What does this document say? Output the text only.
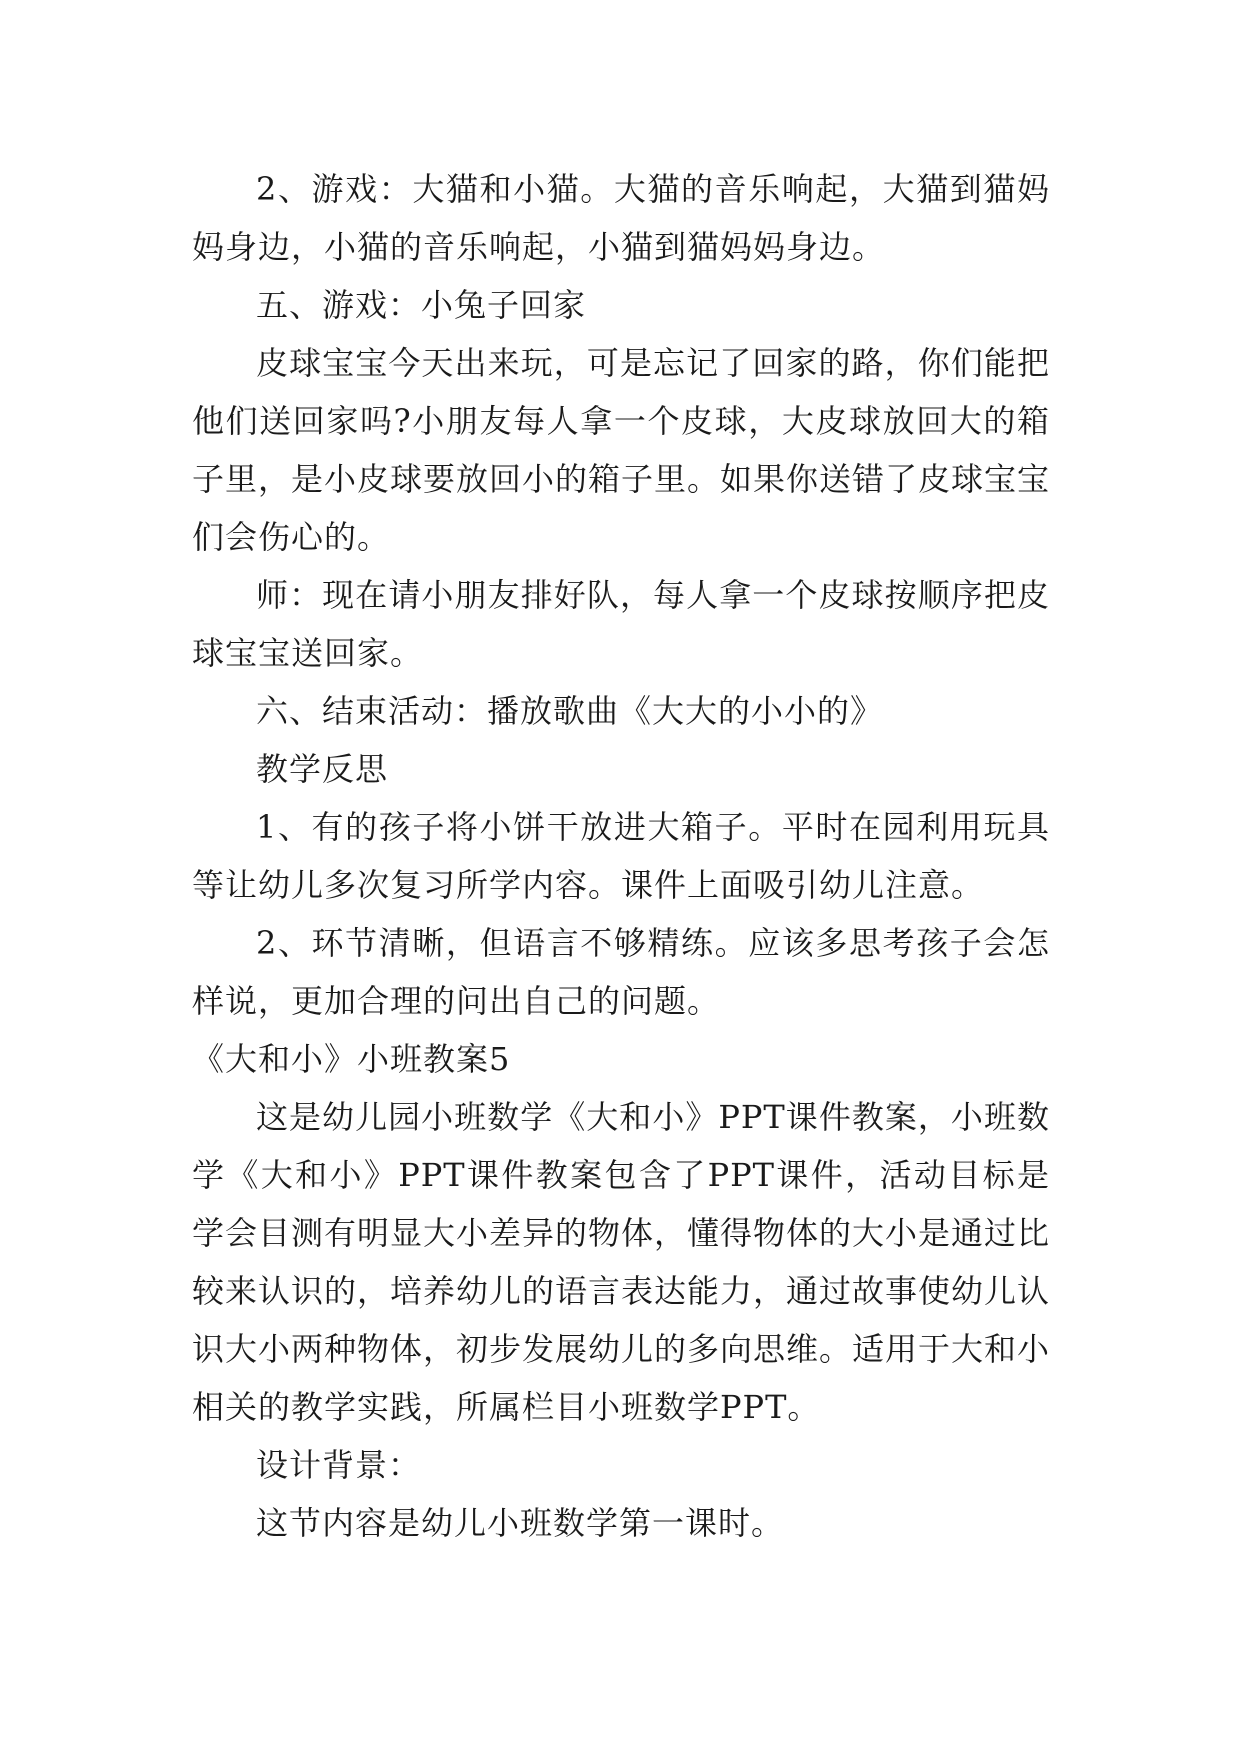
2、游戏：大猫和小猫。大猫的音乐响起，大猫到猫妈妈身边，小猫的音乐响起，小猫到猫妈妈身边。

五、游戏：小兔子回家

皮球宝宝今天出来玩，可是忘记了回家的路，你们能把他们送回家吗?小朋友每人拿一个皮球，大皮球放回大的箱子里，是小皮球要放回小的箱子里。如果你送错了皮球宝宝们会伤心的。

师：现在请小朋友排好队，每人拿一个皮球按顺序把皮球宝宝送回家。

六、结束活动：播放歌曲《大大的小小的》

教学反思

1、有的孩子将小饼干放进大箱子。平时在园利用玩具等让幼儿多次复习所学内容。课件上面吸引幼儿注意。

2、环节清晰，但语言不够精练。应该多思考孩子会怎样说，更加合理的问出自己的问题。

《大和小》小班教案5

这是幼儿园小班数学《大和小》PPT课件教案，小班数学《大和小》PPT课件教案包含了PPT课件，活动目标是学会目测有明显大小差异的物体，懂得物体的大小是通过比较来认识的，培养幼儿的语言表达能力，通过故事使幼儿认识大小两种物体，初步发展幼儿的多向思维。适用于大和小相关的教学实践，所属栏目小班数学PPT。

设计背景：

这节内容是幼儿小班数学第一课时。
